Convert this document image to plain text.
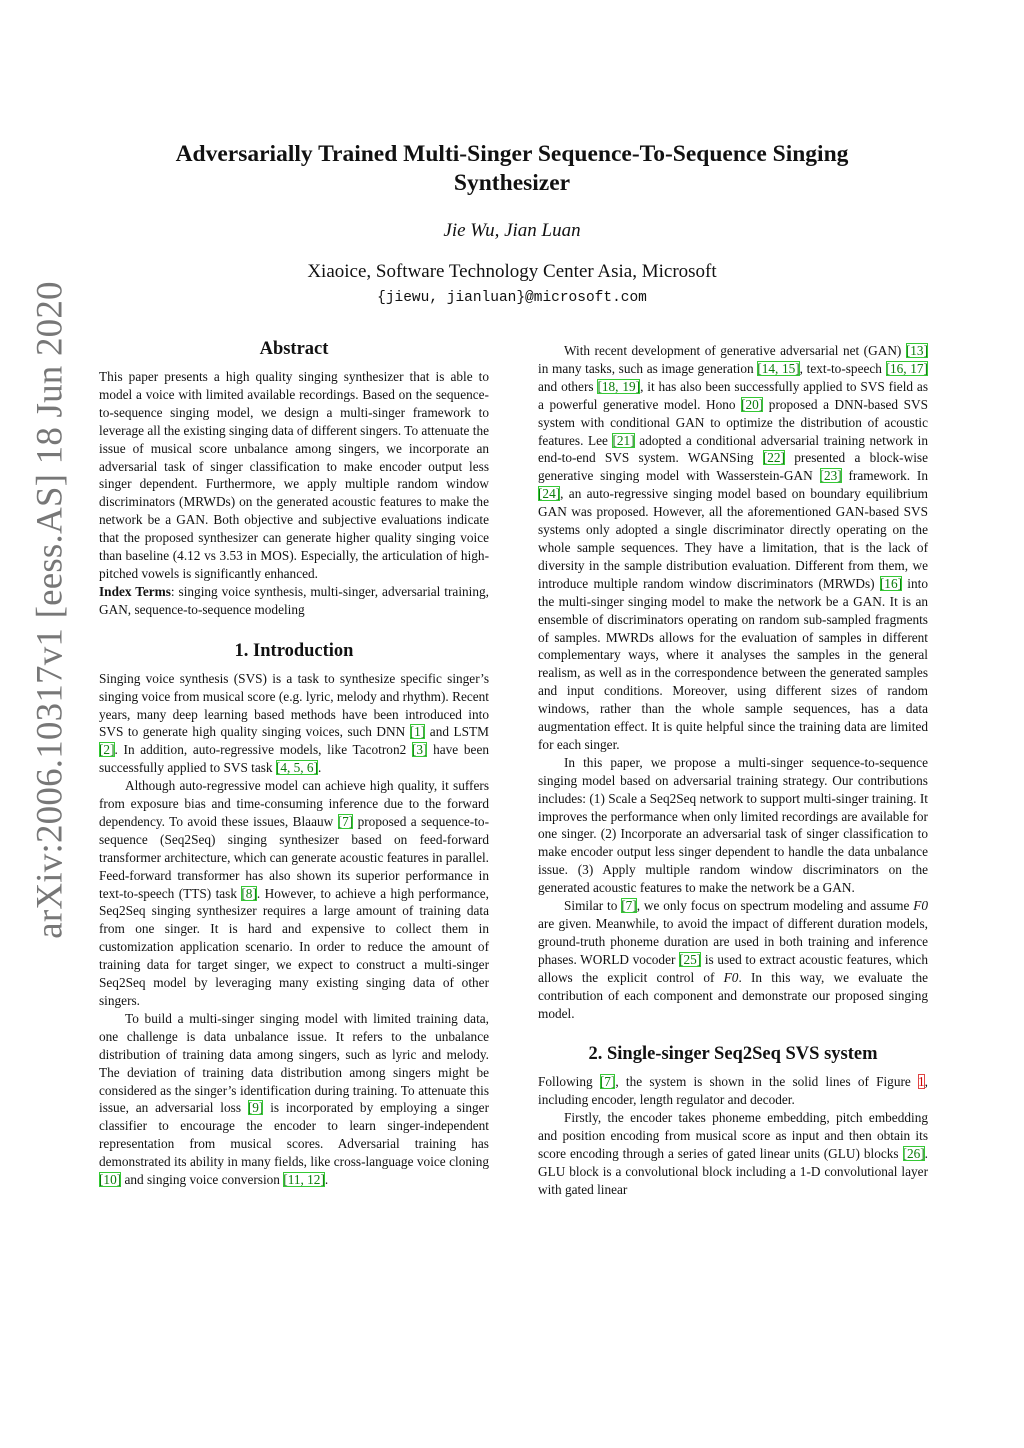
arXiv:2006.10317v1 [eess.AS] 18 Jun 2020
Adversarially Trained Multi-Singer Sequence-To-Sequence Singing Synthesizer
Jie Wu, Jian Luan
Xiaoice, Software Technology Center Asia, Microsoft
{jiewu, jianluan}@microsoft.com
Abstract

This paper presents a high quality singing synthesizer that is able to model a voice with limited available recordings. Based on the sequence-to-sequence singing model, we design a multi-singer framework to leverage all the existing singing data of different singers. To attenuate the issue of musical score unbalance among singers, we incorporate an adversarial task of singer classification to make encoder output less singer dependent. Furthermore, we apply multiple random window discriminators (MRWDs) on the generated acoustic features to make the network be a GAN. Both objective and subjective evaluations indicate that the proposed synthesizer can generate higher quality singing voice than baseline (4.12 vs 3.53 in MOS). Especially, the articulation of high-pitched vowels is significantly enhanced.

Index Terms: singing voice synthesis, multi-singer, adversarial training, GAN, sequence-to-sequence modeling

1. Introduction

Singing voice synthesis (SVS) is a task to synthesize specific singer’s singing voice from musical score (e.g. lyric, melody and rhythm). Recent years, many deep learning based methods have been introduced into SVS to generate high quality singing voices, such DNN [1] and LSTM [2]. In addition, auto-regressive models, like Tacotron2 [3] have been successfully applied to SVS task [4, 5, 6].

Although auto-regressive model can achieve high quality, it suffers from exposure bias and time-consuming inference due to the forward dependency. To avoid these issues, Blaauw [7] proposed a sequence-to-sequence (Seq2Seq) singing synthesizer based on feed-forward transformer architecture, which can generate acoustic features in parallel. Feed-forward transformer has also shown its superior performance in text-to-speech (TTS) task [8]. However, to achieve a high performance, Seq2Seq singing synthesizer requires a large amount of training data from one singer. It is hard and expensive to collect them in customization application scenario. In order to reduce the amount of training data for target singer, we expect to construct a multi-singer Seq2Seq model by leveraging many existing singing data of other singers.

To build a multi-singer singing model with limited training data, one challenge is data unbalance issue. It refers to the unbalance distribution of training data among singers, such as lyric and melody. The deviation of training data distribution among singers might be considered as the singer’s identification during training. To attenuate this issue, an adversarial loss [9] is incorporated by employing a singer classifier to encourage the encoder to learn singer-independent representation from musical scores. Adversarial training has demonstrated its ability in many fields, like cross-language voice cloning [10] and singing voice conversion [11, 12].

With recent development of generative adversarial net (GAN) [13] in many tasks, such as image generation [14, 15], text-to-speech [16, 17] and others [18, 19], it has also been successfully applied to SVS field as a powerful generative model. Hono [20] proposed a DNN-based SVS system with conditional GAN to optimize the distribution of acoustic features. Lee [21] adopted a conditional adversarial training network in end-to-end SVS system. WGANSing [22] presented a block-wise generative singing model with Wasserstein-GAN [23] framework. In [24], an auto-regressive singing model based on boundary equilibrium GAN was proposed. However, all the aforementioned GAN-based SVS systems only adopted a single discriminator directly operating on the whole sample sequences. They have a limitation, that is the lack of diversity in the sample distribution evaluation. Different from them, we introduce multiple random window discriminators (MRWDs) [16] into the multi-singer singing model to make the network be a GAN. It is an ensemble of discriminators operating on random sub-sampled fragments of samples. MWRDs allows for the evaluation of samples in different complementary ways, where it analyses the samples in the general realism, as well as in the correspondence between the generated samples and input conditions. Moreover, using different sizes of random windows, rather than the whole sample sequences, has a data augmentation effect. It is quite helpful since the training data are limited for each singer.

In this paper, we propose a multi-singer sequence-to-sequence singing model based on adversarial training strategy. Our contributions includes: (1) Scale a Seq2Seq network to support multi-singer training. It improves the performance when only limited recordings are available for one singer. (2) Incorporate an adversarial task of singer classification to make encoder output less singer dependent to handle the data unbalance issue. (3) Apply multiple random window discriminators on the generated acoustic features to make the network be a GAN.

Similar to [7], we only focus on spectrum modeling and assume F0 are given. Meanwhile, to avoid the impact of different duration models, ground-truth phoneme duration are used in both training and inference phases. WORLD vocoder [25] is used to extract acoustic features, which allows the explicit control of F0. In this way, we evaluate the contribution of each component and demonstrate our proposed singing model.

2. Single-singer Seq2Seq SVS system

Following [7], the system is shown in the solid lines of Figure 1, including encoder, length regulator and decoder.

Firstly, the encoder takes phoneme embedding, pitch embedding and position encoding from musical score as input and then obtain its score encoding through a series of gated linear units (GLU) blocks [26]. GLU block is a convolutional block including a 1-D convolutional layer with gated linear
